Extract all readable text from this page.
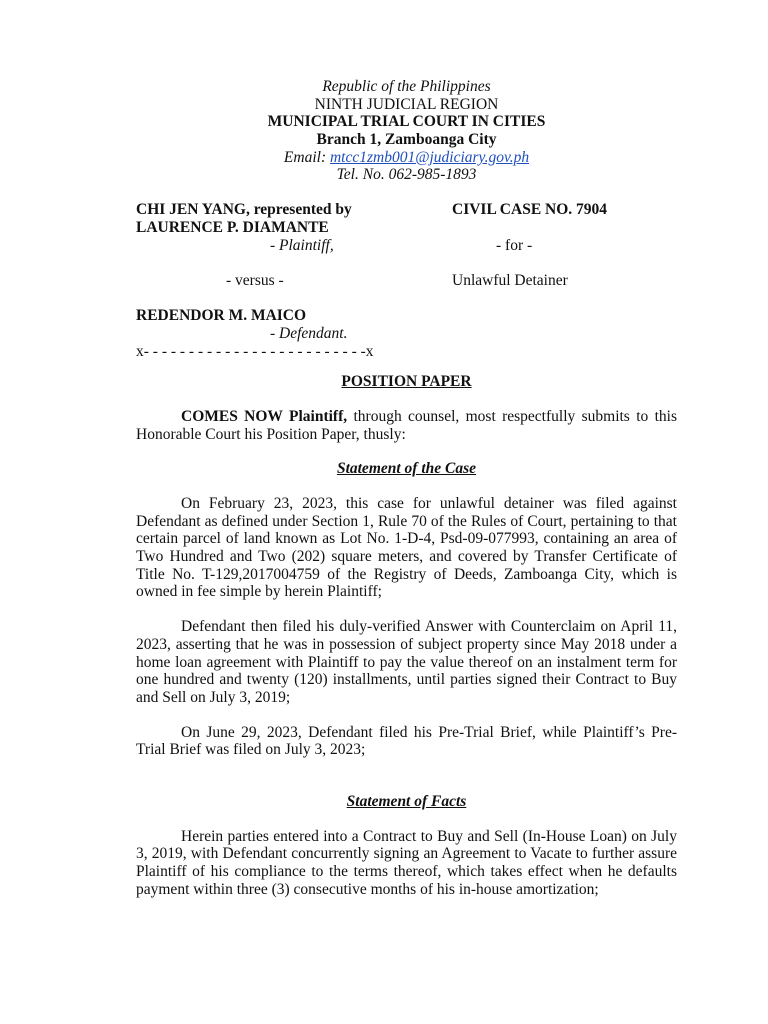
Republic of the Philippines
NINTH JUDICIAL REGION
MUNICIPAL TRIAL COURT IN CITIES
Branch 1, Zamboanga City
Email: mtcc1zmb001@judiciary.gov.ph
Tel. No. 062-985-1893
CHI JEN YANG, represented by
LAURENCE P. DIAMANTE
- Plaintiff,
- versus -
REDENDOR M. MAICO
- Defendant.
x- - - - - - - - - - - - - - - - - - - - - - - - -x
CIVIL CASE NO. 7904
- for -
Unlawful Detainer
POSITION PAPER

COMES NOW Plaintiff, through counsel, most respectfully submits to this Honorable Court his Position Paper, thusly:

Statement of the Case

On February 23, 2023, this case for unlawful detainer was filed against Defendant as defined under Section 1, Rule 70 of the Rules of Court, pertaining to that certain parcel of land known as Lot No. 1-D-4, Psd-09-077993, containing an area of Two Hundred and Two (202) square meters, and covered by Transfer Certificate of Title No. T-129,2017004759 of the Registry of Deeds, Zamboanga City, which is owned in fee simple by herein Plaintiff;

Defendant then filed his duly-verified Answer with Counterclaim on April 11, 2023, asserting that he was in possession of subject property since May 2018 under a home loan agreement with Plaintiff to pay the value thereof on an instalment term for one hundred and twenty (120) installments, until parties signed their Contract to Buy and Sell on July 3, 2019;

On June 29, 2023, Defendant filed his Pre-Trial Brief, while Plaintiff’s Pre-Trial Brief was filed on July 3, 2023;

Statement of Facts

Herein parties entered into a Contract to Buy and Sell (In-House Loan) on July 3, 2019, with Defendant concurrently signing an Agreement to Vacate to further assure Plaintiff of his compliance to the terms thereof, which takes effect when he defaults payment within three (3) consecutive months of his in-house amortization;
